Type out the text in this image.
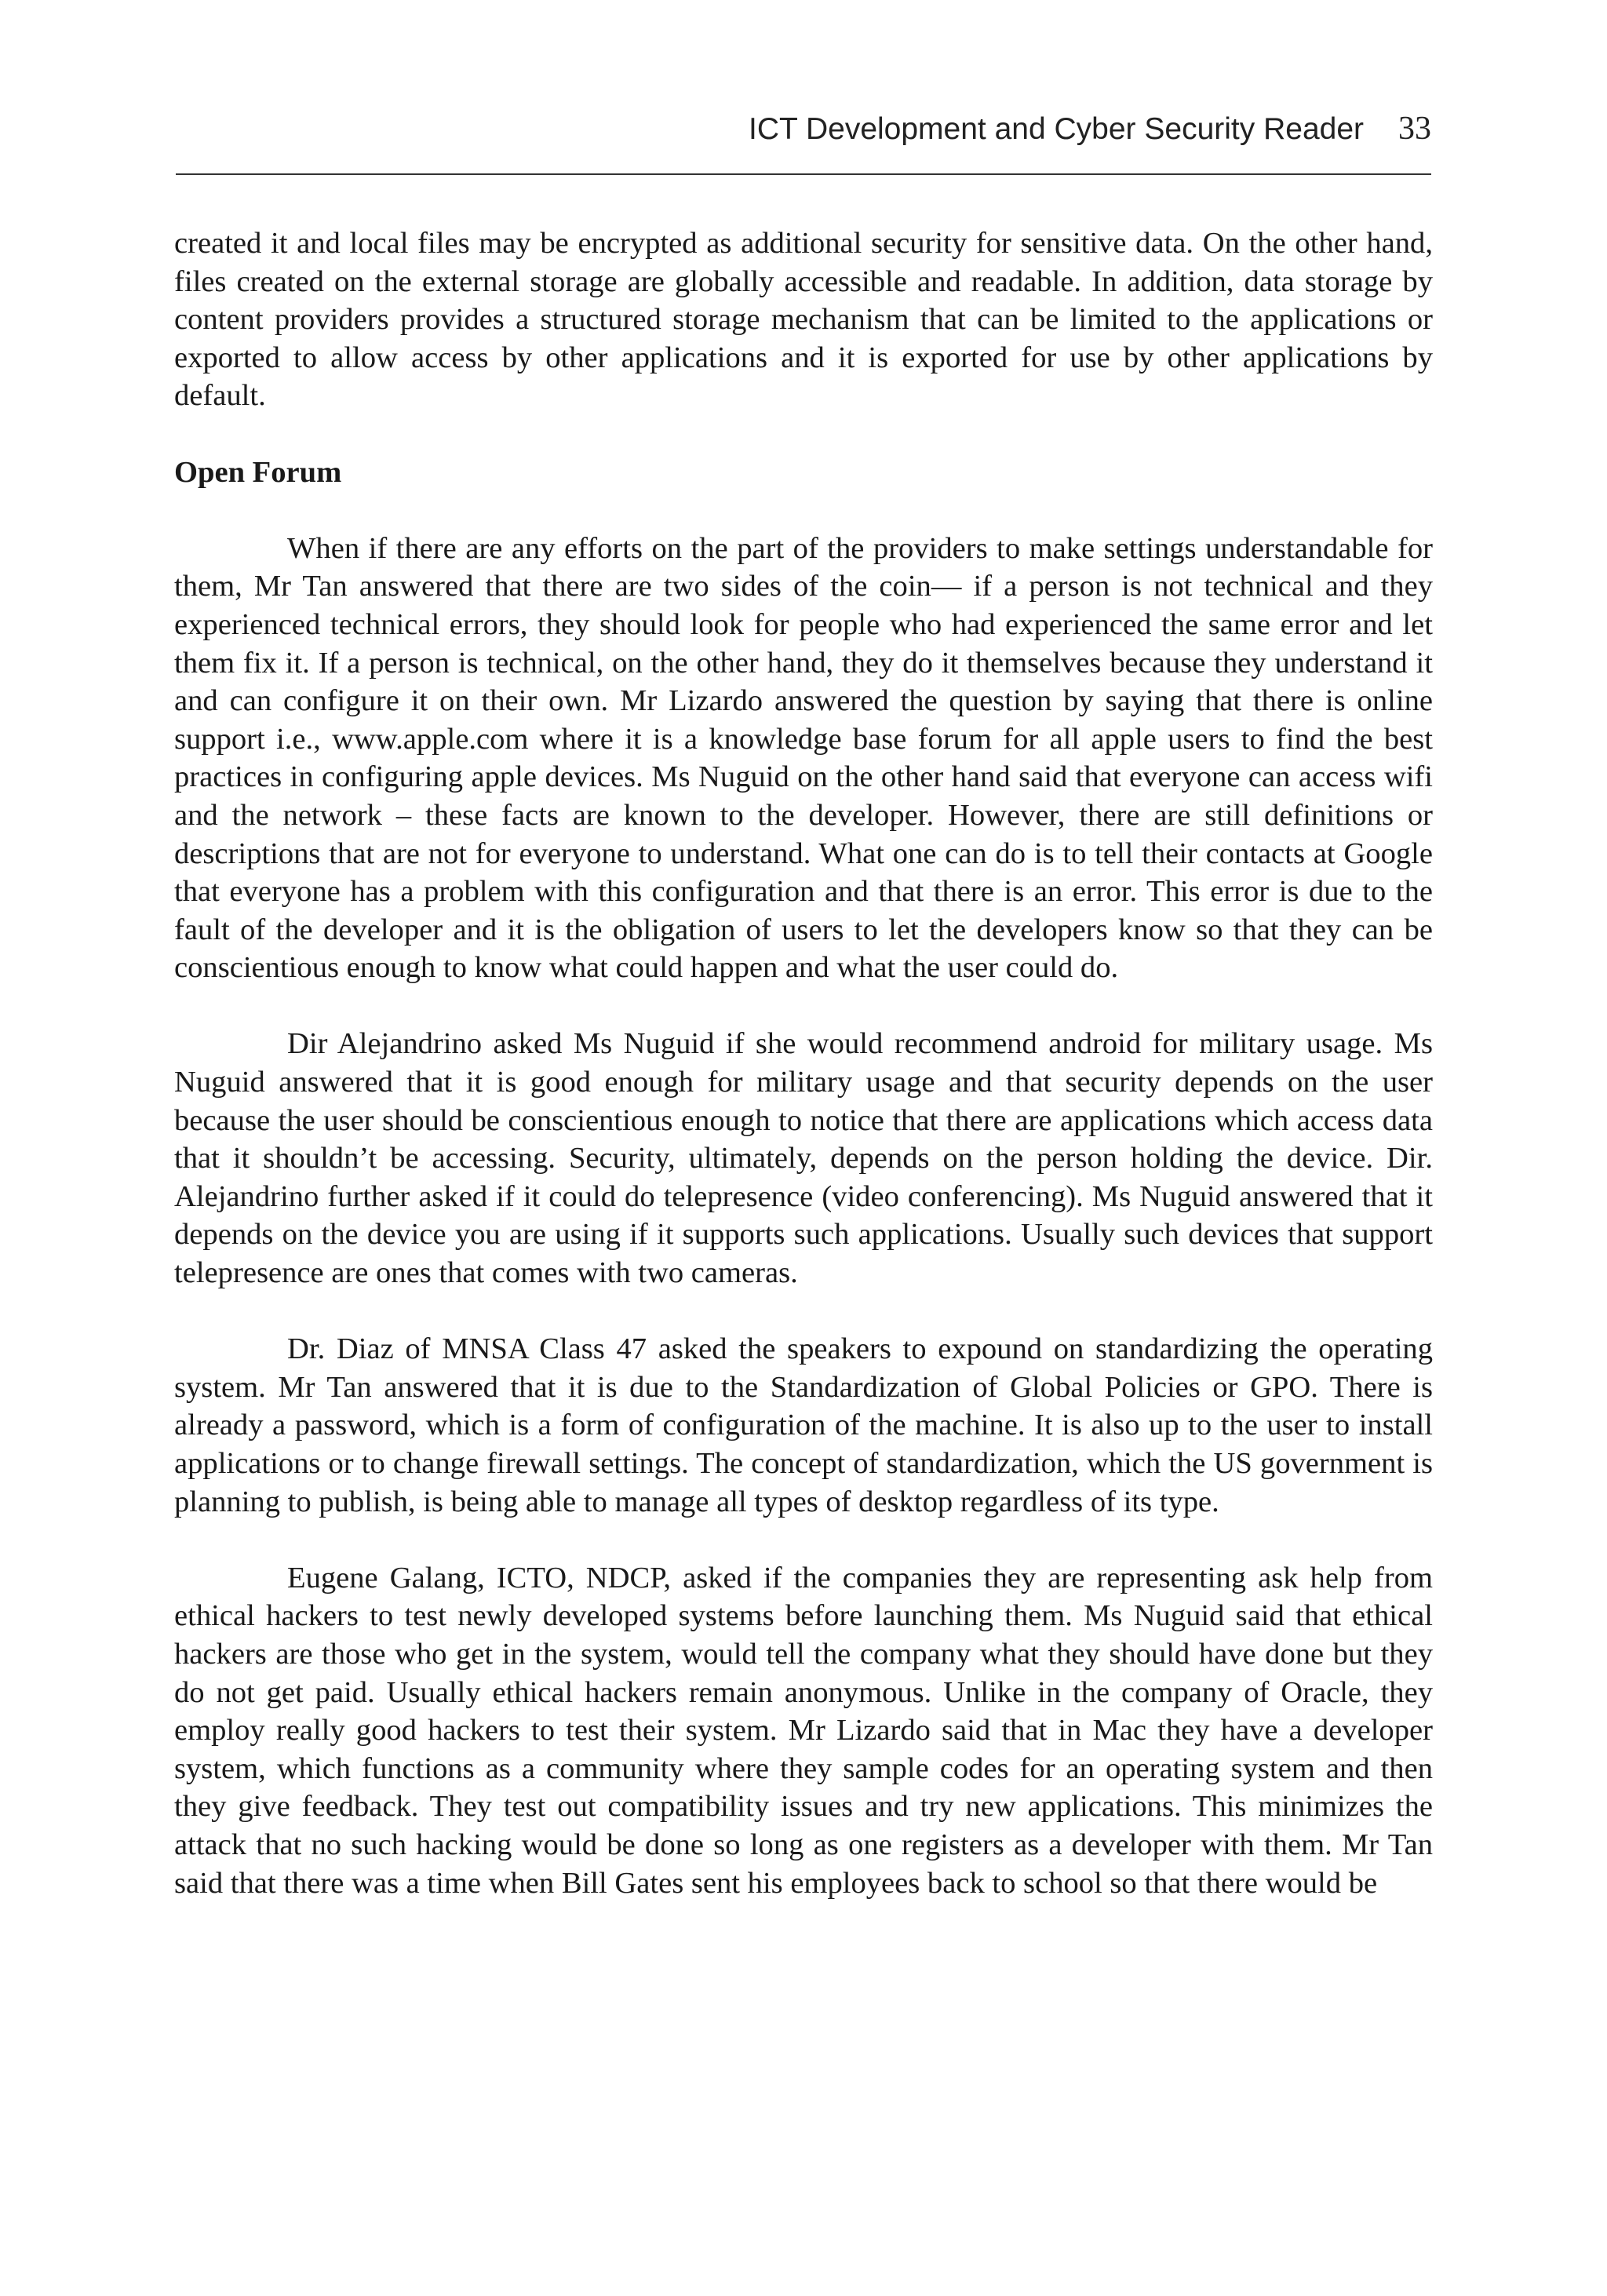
ICT Development and Cyber Security Reader 33

created it and local files may be encrypted as additional security for sensitive data. On the other hand, files created on the external storage are globally accessible and readable. In addition, data storage by content providers provides a structured storage mechanism that can be limited to the applications or exported to allow access by other applications and it is exported for use by other applications by default.

Open Forum

When if there are any efforts on the part of the providers to make settings understandable for them, Mr Tan answered that there are two sides of the coin— if a person is not technical and they experienced technical errors, they should look for people who had experienced the same error and let them fix it. If a person is technical, on the other hand, they do it themselves because they understand it and can configure it on their own. Mr Lizardo answered the question by saying that there is online support i.e., www.apple.com where it is a knowledge base forum for all apple users to find the best practices in configuring apple devices. Ms Nuguid on the other hand said that everyone can access wifi and the network – these facts are known to the developer. However, there are still definitions or descriptions that are not for everyone to understand. What one can do is to tell their contacts at Google that everyone has a problem with this configuration and that there is an error. This error is due to the fault of the developer and it is the obligation of users to let the developers know so that they can be conscientious enough to know what could happen and what the user could do.

Dir Alejandrino asked Ms Nuguid if she would recommend android for military usage. Ms Nuguid answered that it is good enough for military usage and that security depends on the user because the user should be conscientious enough to notice that there are applications which access data that it shouldn’t be accessing. Security, ultimately, depends on the person holding the device. Dir. Alejandrino further asked if it could do telepresence (video conferencing). Ms Nuguid answered that it depends on the device you are using if it supports such applications. Usually such devices that support telepresence are ones that comes with two cameras.

Dr. Diaz of MNSA Class 47 asked the speakers to expound on standardizing the operating system. Mr Tan answered that it is due to the Standardization of Global Policies or GPO. There is already a password, which is a form of configuration of the machine. It is also up to the user to install applications or to change firewall settings. The concept of standardization, which the US government is planning to publish, is being able to manage all types of desktop regardless of its type.

Eugene Galang, ICTO, NDCP, asked if the companies they are representing ask help from ethical hackers to test newly developed systems before launching them. Ms Nuguid said that ethical hackers are those who get in the system, would tell the company what they should have done but they do not get paid. Usually ethical hackers remain anonymous. Unlike in the company of Oracle, they employ really good hackers to test their system. Mr Lizardo said that in Mac they have a developer system, which functions as a community where they sample codes for an operating system and then they give feedback. They test out compatibility issues and try new applications. This minimizes the attack that no such hacking would be done so long as one registers as a developer with them. Mr Tan said that there was a time when Bill Gates sent his employees back to school so that there would be
